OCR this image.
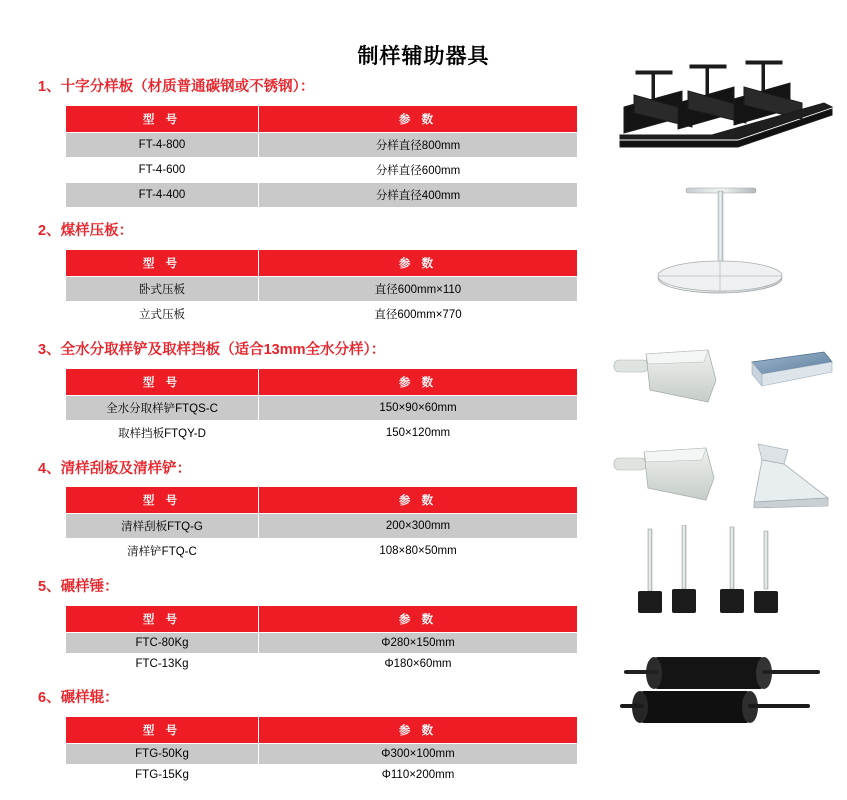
制样辅助器具

1、十字分样板（材质普通碳钢或不锈钢）：

型 号	参 数
FT-4-800	分样直径800mm
FT-4-600	分样直径600mm
FT-4-400	分样直径400mm

2、煤样压板：

型 号	参 数
卧式压板	直径600mm×110
立式压板	直径600mm×770

3、全水分取样铲及取样挡板（适合13mm全水分样）：

型 号	参 数
全水分取样铲FTQS-C	150×90×60mm
取样挡板FTQY-D	150×120mm

4、清样刮板及清样铲：

型 号	参 数
清样刮板FTQ-G	200×300mm
清样铲FTQ-C	108×80×50mm

5、碾样锤：

型 号	参 数
FTC-80Kg	Φ280×150mm
FTC-13Kg	Φ180×60mm

6、碾样辊：

型 号	参 数
FTG-50Kg	Φ300×100mm
FTG-15Kg	Φ110×200mm
